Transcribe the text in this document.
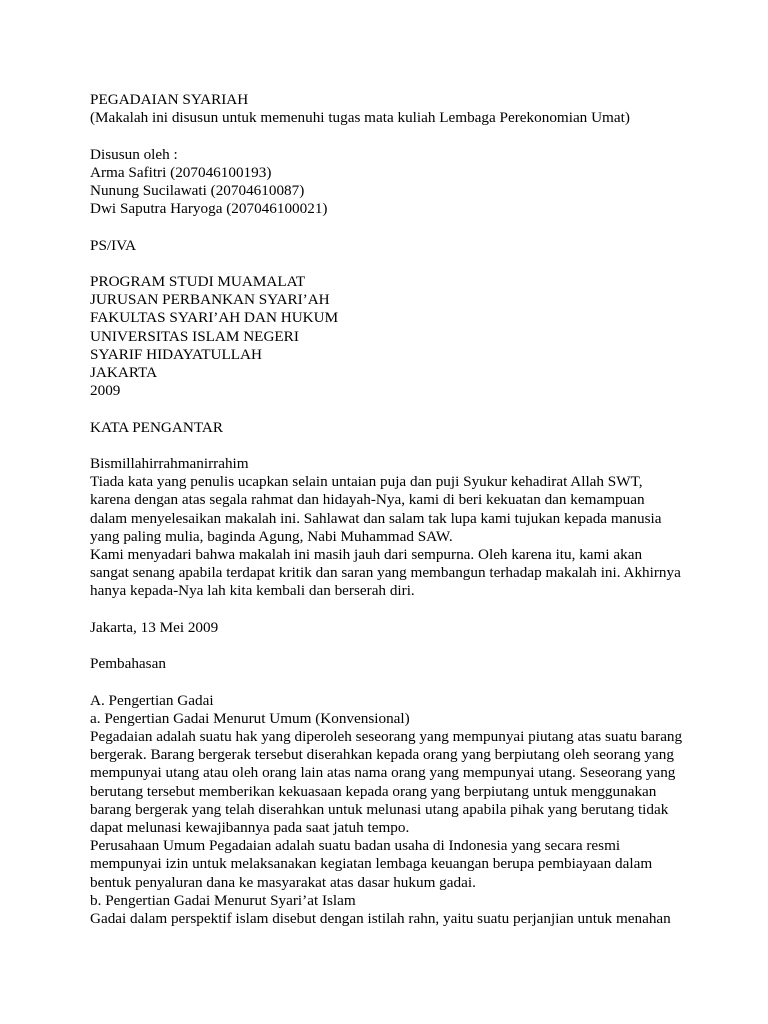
PEGADAIAN SYARIAH
(Makalah ini disusun untuk memenuhi tugas mata kuliah Lembaga Perekonomian Umat)
Disusun oleh :
Arma Safitri (207046100193)
Nunung Sucilawati (20704610087)
Dwi Saputra Haryoga (207046100021)
PS/IVA
PROGRAM STUDI MUAMALAT
JURUSAN PERBANKAN SYARI’AH
FAKULTAS SYARI’AH DAN HUKUM
UNIVERSITAS ISLAM NEGERI
SYARIF HIDAYATULLAH
JAKARTA
2009
KATA PENGANTAR
Bismillahirrahmanirrahim
Tiada kata yang penulis ucapkan selain untaian puja dan puji Syukur kehadirat Allah SWT,
karena dengan atas segala rahmat dan hidayah-Nya, kami di beri kekuatan dan kemampuan
dalam menyelesaikan makalah ini. Sahlawat dan salam tak lupa kami tujukan kepada manusia
yang paling mulia, baginda Agung, Nabi Muhammad SAW.
Kami menyadari bahwa makalah ini masih jauh dari sempurna. Oleh karena itu, kami akan
sangat senang apabila terdapat kritik dan saran yang membangun terhadap makalah ini. Akhirnya
hanya kepada-Nya lah kita kembali dan berserah diri.
Jakarta, 13 Mei 2009
Pembahasan
A. Pengertian Gadai
a. Pengertian Gadai Menurut Umum (Konvensional)
Pegadaian adalah suatu hak yang diperoleh seseorang yang mempunyai piutang atas suatu barang
bergerak. Barang bergerak tersebut diserahkan kepada orang yang berpiutang oleh seorang yang
mempunyai utang atau oleh orang lain atas nama orang yang mempunyai utang. Seseorang yang
berutang tersebut memberikan kekuasaan kepada orang yang berpiutang untuk menggunakan
barang bergerak yang telah diserahkan untuk melunasi utang apabila pihak yang berutang tidak
dapat melunasi kewajibannya pada saat jatuh tempo.
Perusahaan Umum Pegadaian adalah suatu badan usaha di Indonesia yang secara resmi
mempunyai izin untuk melaksanakan kegiatan lembaga keuangan berupa pembiayaan dalam
bentuk penyaluran dana ke masyarakat atas dasar hukum gadai.
b. Pengertian Gadai Menurut Syari’at Islam
Gadai dalam perspektif islam disebut dengan istilah rahn, yaitu suatu perjanjian untuk menahan
